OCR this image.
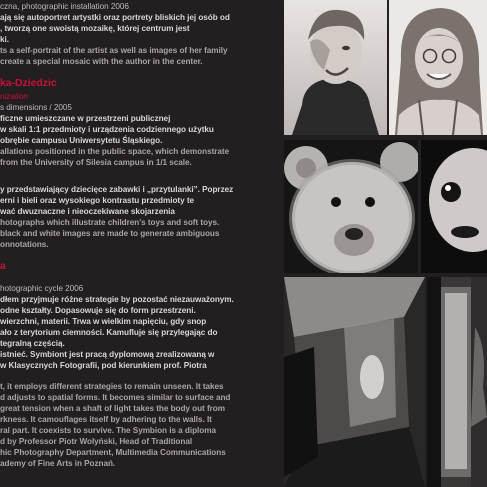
czna, photographic installation 2006
ają się autoportret artystki oraz portrety bliskich jej osób od
, tworzą one swoistą mozaikę, której centrum jest
ki.
ts a self-portrait of the artist as well as images of her family
create a special mosaic with the author in the center.
ka-Dziedzic
nization
s dimensions / 2005
ficzne umieszczane w przestrzeni publicznej
w skali 1:1 przedmioty i urządzenia codziennego użytku
obrębie campusu Uniwersytetu Śląskiego.
allations positioned in the public space, which demonstrate
from the University of Silesia campus in 1/1 scale.
y przedstawiający dziecięce zabawki i „przytulanki”. Poprzez
erni i bieli oraz wysokiego kontrastu przedmioty te
wać dwuznaczne i nieoczekiwane skojarzenia
hotographs which illustrate children's toys and soft toys.
black and white images are made to generate ambiguous
onnotations.
a
hotographic cycle 2006
dłem przyjmuje różne strategie by pozostać niezauważonym.
odne kształty. Dopasowuje się do form przestrzeni.
wierzchni, materii. Trwa w wielkim napięciu, gdy snop
ało z terytorium ciemności. Kamufluje się przylegając do
tegralną częścią.
istnieć. Symbiont jest pracą dyplomową zrealizowaną w
w Klasycznych Fotografii, pod kierunkiem prof. Piotra
t, it employs different strategies to remain unseen. It takes
d adjusts to spatial forms. It becomes similar to surface and
great tension when a shaft of light takes the body out from
rkness. It camouflages itself by adhering to the walls. It
ral part. It coexists to survive. The Symbion is a diploma
d by Professor Piotr Wolyński, Head of Traditional
hic Photography Department, Multimedia Communications
ademy of Fine Arts in Poznań.
